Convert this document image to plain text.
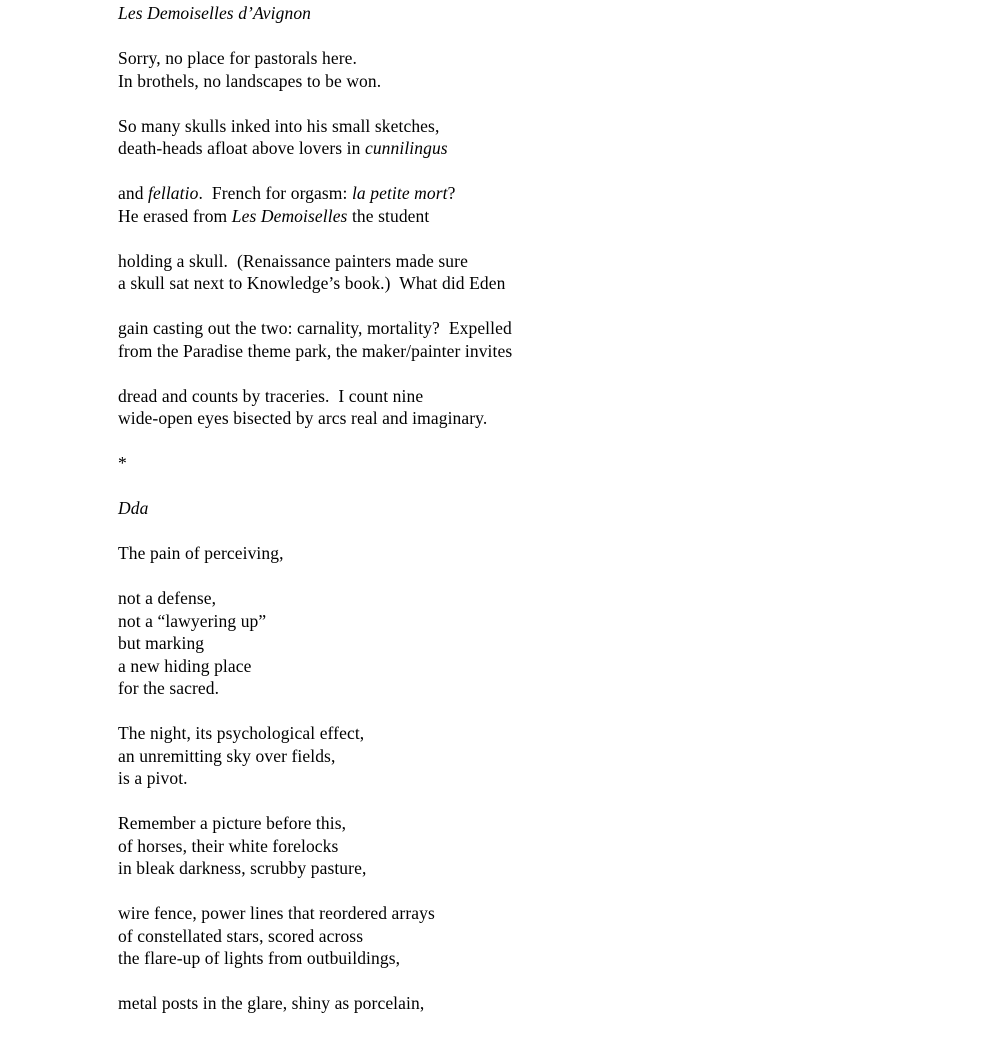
Les Demoiselles d’Avignon
Sorry, no place for pastorals here.
In brothels, no landscapes to be won.
So many skulls inked into his small sketches,
death-heads afloat above lovers in cunnilingus
and fellatio.  French for orgasm: la petite mort?
He erased from Les Demoiselles the student
holding a skull.  (Renaissance painters made sure
a skull sat next to Knowledge’s book.)  What did Eden
gain casting out the two: carnality, mortality?  Expelled
from the Paradise theme park, the maker/painter invites
dread and counts by traceries.  I count nine
wide-open eyes bisected by arcs real and imaginary.
*
Dda
The pain of perceiving,
not a defense,
not a “lawyering up”
but marking
a new hiding place
for the sacred.
The night, its psychological effect,
an unremitting sky over fields,
is a pivot.
Remember a picture before this,
of horses, their white forelocks
in bleak darkness, scrubby pasture,
wire fence, power lines that reordered arrays
of constellated stars, scored across
the flare-up of lights from outbuildings,
metal posts in the glare, shiny as porcelain,
